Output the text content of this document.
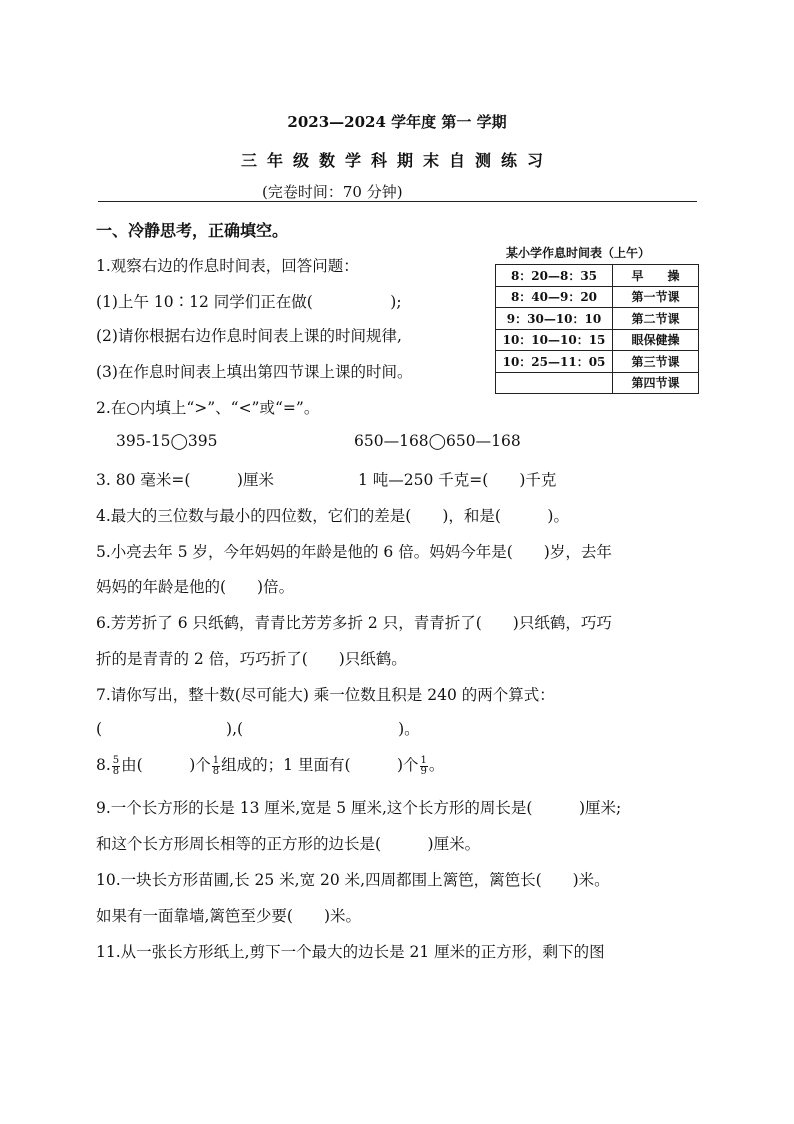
2023—2024 学年度 第一 学期
三年级数学科期末自测练习
(完卷时间：70 分钟)
一、冷静思考，正确填空。
某小学作息时间表（上午）
8：20—8：35	早　　操
8：40—9：20	第一节课
9：30—10：10	第二节课
10：10—10：15	眼保健操
10：25—11：05	第三节课
	第四节课
1.观察右边的作息时间表，回答问题：
(1)上午 10∶12 同学们正在做(　　　　　);
(2)请你根据右边作息时间表上课的时间规律,
(3)在作息时间表上填出第四节课上课的时间。
2.在○内填上“>”、“<”或“=”。
395-15◯395	650—168◯650—168
3. 80 毫米=(　　　)厘米	1 吨—250 千克=(　　)千克
4.最大的三位数与最小的四位数，它们的差是(　　)，和是(　　　)。
5.小亮去年 5 岁，今年妈妈的年龄是他的 6 倍。妈妈今年是(　　)岁，去年
妈妈的年龄是他的(　　)倍。
6.芳芳折了 6 只纸鹤，青青比芳芳多折 2 只，青青折了(　　)只纸鹤，巧巧
折的是青青的 2 倍，巧巧折了(　　)只纸鹤。
7.请你写出，整十数(尽可能大) 乘一位数且积是 240 的两个算式：
(　　　　　　　　),(　　　　　　　　　　)。
8. $\frac{5}{8}$ 由(　　　)个 $\frac{1}{8}$ 组成的；1 里面有(　　　)个 $\frac{1}{9}$ 。
9.一个长方形的长是 13 厘米,宽是 5 厘米,这个长方形的周长是(　　　)厘米;
和这个长方形周长相等的正方形的边长是(　　　)厘米。
10.一块长方形苗圃,长 25 米,宽 20 米,四周都围上篱笆，篱笆长(　　)米。
如果有一面靠墙,篱笆至少要(　　)米。
11.从一张长方形纸上,剪下一个最大的边长是 21 厘米的正方形，剩下的图
